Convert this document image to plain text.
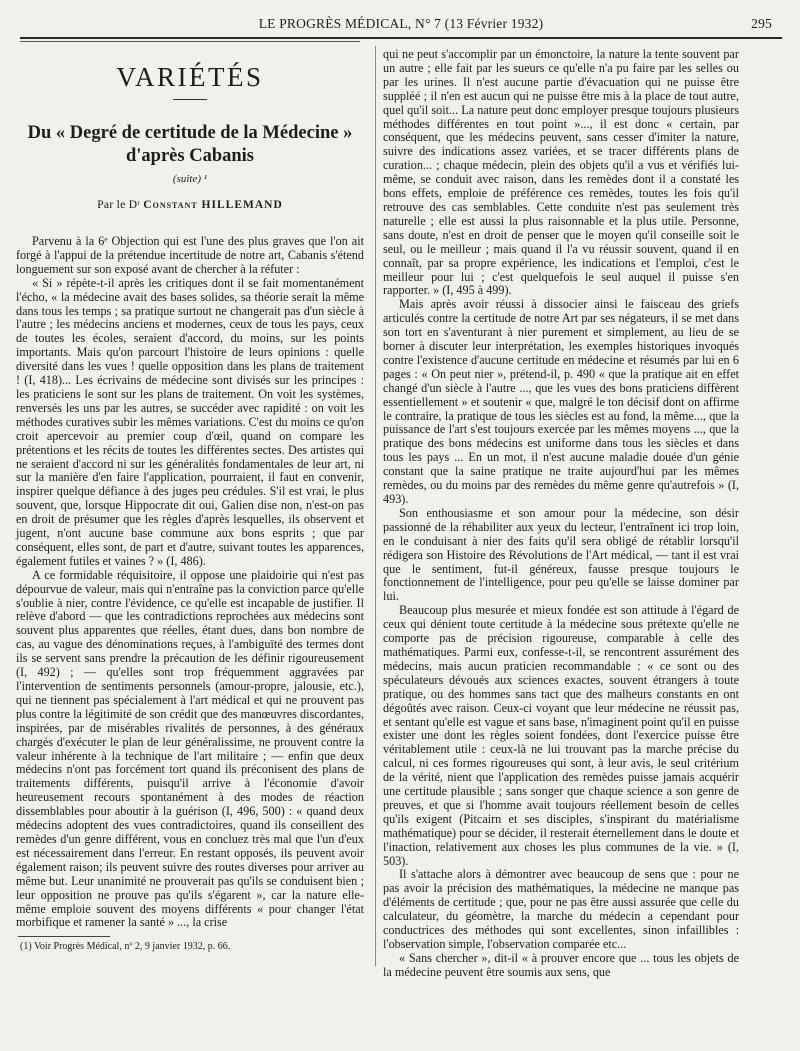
LE PROGRÈS MÉDICAL, N° 7 (13 Février 1932)	295
VARIÉTÉS
Du « Degré de certitude de la Médecine »
d'après Cabanis
(suite) ¹
Par le Dʳ Constant HILLEMAND

Parvenu à la 6ᵉ Objection qui est l'une des plus graves que l'on ait forgé à l'appui de la prétendue incertitude de notre art, Cabanis s'étend longuement sur son exposé avant de chercher à la réfuter :

« Si » répète-t-il après les critiques dont il se fait momentanément l'écho, « la médecine avait des bases solides, sa théorie serait la même dans tous les temps ; sa pratique surtout ne changerait pas d'un siècle à l'autre ; les médecins anciens et modernes, ceux de tous les pays, ceux de toutes les écoles, seraient d'accord, du moins, sur les points importants. Mais qu'on parcourt l'histoire de leurs opinions : quelle diversité dans les vues ! quelle opposition dans les plans de traitement ! (I, 418)... Les écrivains de médecine sont divisés sur les principes : les praticiens le sont sur les plans de traitement. On voit les systèmes, renversés les uns par les autres, se succéder avec rapidité : on voit les méthodes curatives subir les mêmes variations. C'est du moins ce qu'on croit apercevoir au premier coup d'œil, quand on compare les prétentions et les récits de toutes les différentes sectes. Des artistes qui ne seraient d'accord ni sur les généralités fondamentales de leur art, ni sur la manière d'en faire l'application, pourraient, il faut en convenir, inspirer quelque défiance à des juges peu crédules. S'il est vrai, le plus souvent, que, lorsque Hippocrate dit oui, Galien dise non, n'est-on pas en droit de présumer que les règles d'après lesquelles, ils observent et jugent, n'ont aucune base commune aux bons esprits ; que par conséquent, elles sont, de part et d'autre, suivant toutes les apparences, également futiles et vaines ? » (I, 486).

A ce formidable réquisitoire, il oppose une plaidoirie qui n'est pas dépourvue de valeur, mais qui n'entraîne pas la conviction parce qu'elle s'oublie à nier, contre l'évidence, ce qu'elle est incapable de justifier. Il relève d'abord — que les contradictions reprochées aux médecins sont souvent plus apparentes que réelles, étant dues, dans bon nombre de cas, au vague des dénominations reçues, à l'ambiguïté des termes dont ils se servent sans prendre la précaution de les définir rigoureusement (I, 492) ; — qu'elles sont trop fréquemment aggravées par l'intervention de sentiments personnels (amour-propre, jalousie, etc.), qui ne tiennent pas spécialement à l'art médical et qui ne prouvent pas plus contre la légitimité de son crédit que des manœuvres discordantes, inspirées, par de misérables rivalités de personnes, à des généraux chargés d'exécuter le plan de leur généralissime, ne prouvent contre la valeur inhérente à la technique de l'art militaire ; — enfin que deux médecins n'ont pas forcément tort quand ils préconisent des plans de traitements différents, puisqu'il arrive à l'économie d'avoir heureusement recours spontanément à des modes de réaction dissemblables pour aboutir à la guérison (I, 496, 500) : « quand deux médecins adoptent des vues contradictoires, quand ils conseillent des remèdes d'un genre différent, vous en concluez très mal que l'un d'eux est nécessairement dans l'erreur. En restant opposés, ils peuvent avoir également raison; ils peuvent suivre des routes diverses pour arriver au même but. Leur unanimité ne prouverait pas qu'ils se conduisent bien ; leur opposition ne prouve pas qu'ils s'égarent », car la nature elle-même emploie souvent des moyens différents « pour changer l'état morbifique et ramener la santé » ..., la crise

(1) Voir Progrès Médical, nº 2, 9 janvier 1932, p. 66.

qui ne peut s'accomplir par un émonctoire, la nature la tente souvent par un autre ; elle fait par les sueurs ce qu'elle n'a pu faire par les selles ou par les urines. Il n'est aucune partie d'évacuation qui ne puisse être suppléé ; il n'en est aucun qui ne puisse être mis à la place de tout autre, quel qu'il soit... La nature peut donc employer presque toujours plusieurs méthodes différentes en tout point »..., il est donc « certain, par conséquent, que les médecins peuvent, sans cesser d'imiter la nature, suivre des indications assez variées, et se tracer différents plans de curation... ; chaque médecin, plein des objets qu'il a vus et vérifiés lui-même, se conduit avec raison, dans les remèdes dont il a constaté les bons effets, emploie de préférence ces remèdes, toutes les fois qu'il retrouve des cas semblables. Cette conduite n'est pas seulement très naturelle ; elle est aussi la plus raisonnable et la plus utile. Personne, sans doute, n'est en droit de penser que le moyen qu'il conseille soit le seul, ou le meilleur ; mais quand il l'a vu réussir souvent, quand il en connaît, par sa propre expérience, les indications et l'emploi, c'est le meilleur pour lui ; c'est quelquefois le seul auquel il puisse s'en rapporter. » (I, 495 à 499).

Mais après avoir réussi à dissocier ainsi le faisceau des griefs articulés contre la certitude de notre Art par ses négateurs, il se met dans son tort en s'aventurant à nier purement et simplement, au lieu de se borner à discuter leur interprétation, les exemples historiques invoqués contre l'existence d'aucune certitude en médecine et résumés par lui en 6 pages : « On peut nier », prétend-il, p. 490 « que la pratique ait en effet changé d'un siècle à l'autre ..., que les vues des bons praticiens diffèrent essentiellement » et soutenir « que, malgré le ton décisif dont on affirme le contraire, la pratique de tous les siècles est au fond, la même..., que la puissance de l'art s'est toujours exercée par les mêmes moyens ..., que la pratique des bons médecins est uniforme dans tous les siècles et dans tous les pays ... En un mot, il n'est aucune maladie douée d'un génie constant que la saine pratique ne traite aujourd'hui par les mêmes remèdes, ou du moins par des remèdes du même genre qu'autrefois » (I, 493).

Son enthousiasme et son amour pour la médecine, son désir passionné de la réhabiliter aux yeux du lecteur, l'entraînent ici trop loin, en le conduisant à nier des faits qu'il sera obligé de rétablir lorsqu'il rédigera son Histoire des Révolutions de l'Art médical, — tant il est vrai que le sentiment, fut-il généreux, fausse presque toujours le fonctionnement de l'intelligence, pour peu qu'elle se laisse dominer par lui.

Beaucoup plus mesurée et mieux fondée est son attitude à l'égard de ceux qui dénient toute certitude à la médecine sous prétexte qu'elle ne comporte pas de précision rigoureuse, comparable à celle des mathématiques. Parmi eux, confesse-t-il, se rencontrent assurément des médecins, mais aucun praticien recommandable : « ce sont ou des spéculateurs dévoués aux sciences exactes, souvent étrangers à toute pratique, ou des hommes sans tact que des malheurs constants en ont dégoûtés avec raison. Ceux-ci voyant que leur médecine ne réussit pas, et sentant qu'elle est vague et sans base, n'imaginent point qu'il en puisse exister une dont les règles soient fondées, dont l'exercice puisse être véritablement utile : ceux-là ne lui trouvant pas la marche précise du calcul, ni ces formes rigoureuses qui sont, à leur avis, le seul critérium de la vérité, nient que l'application des remèdes puisse jamais acquérir une certitude plausible ; sans songer que chaque science a son genre de preuves, et que si l'homme avait toujours réellement besoin de celles qu'ils exigent (Pitcairn et ses disciples, s'inspirant du matérialisme mathématique) pour se décider, il resterait éternellement dans le doute et l'inaction, relativement aux choses les plus communes de la vie. » (I, 503).

Il s'attache alors à démontrer avec beaucoup de sens que : pour ne pas avoir la précision des mathématiques, la médecine ne manque pas d'éléments de certitude ; que, pour ne pas être aussi assurée que celle du calculateur, du géomètre, la marche du médecin a cependant pour conductrices des méthodes qui sont excellentes, sinon infaillibles : l'observation simple, l'observation comparée etc...

« Sans chercher », dit-il « à prouver encore que ... tous les objets de la médecine peuvent être soumis aux sens, que
